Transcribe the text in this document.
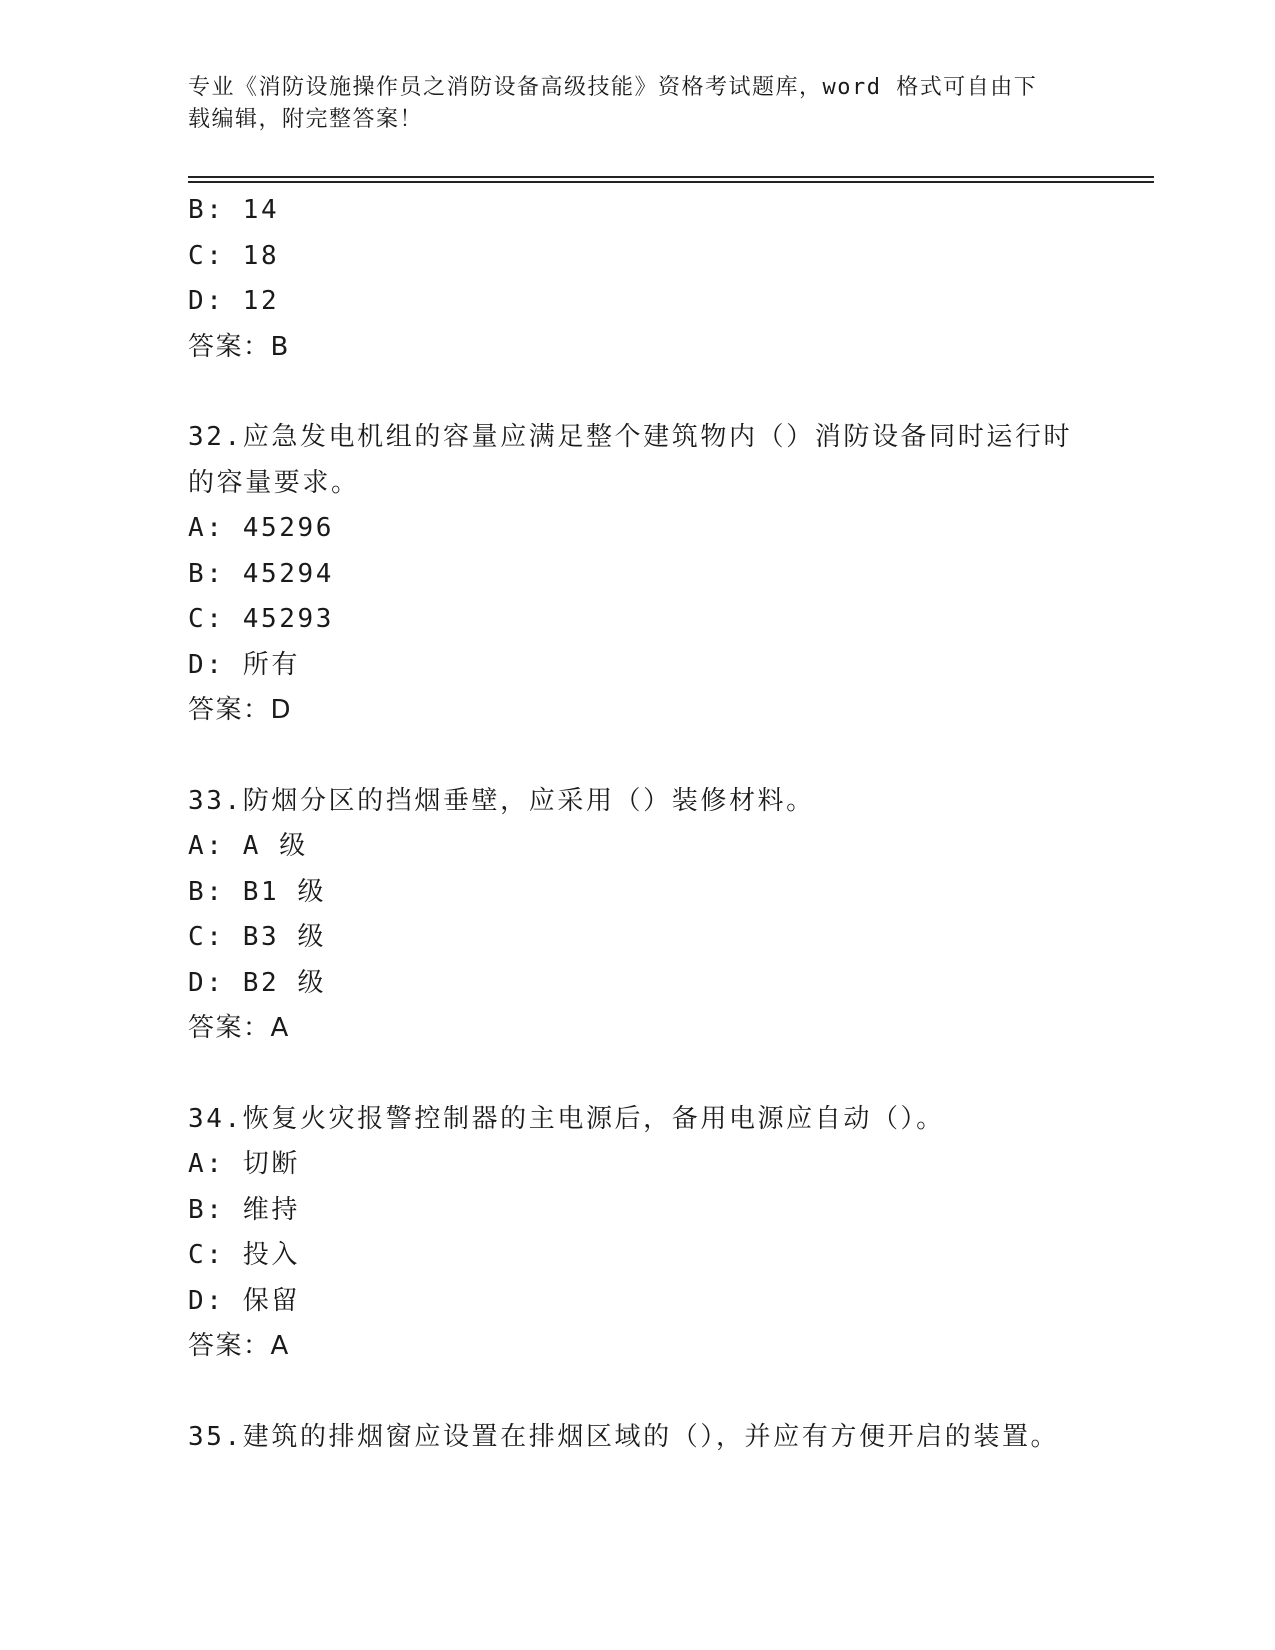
专业《消防设施操作员之消防设备高级技能》资格考试题库，word 格式可自由下
载编辑，附完整答案！
B: 14
C: 18
D: 12
答案：B
32.应急发电机组的容量应满足整个建筑物内（）消防设备同时运行时
的容量要求。
A: 45296
B: 45294
C: 45293
D: 所有
答案：D
33.防烟分区的挡烟垂壁，应采用（）装修材料。
A: A 级
B: B1 级
C: B3 级
D: B2 级
答案：A
34.恢复火灾报警控制器的主电源后，备用电源应自动（）。
A: 切断
B: 维持
C: 投入
D: 保留
答案：A
35.建筑的排烟窗应设置在排烟区域的（），并应有方便开启的装置。
